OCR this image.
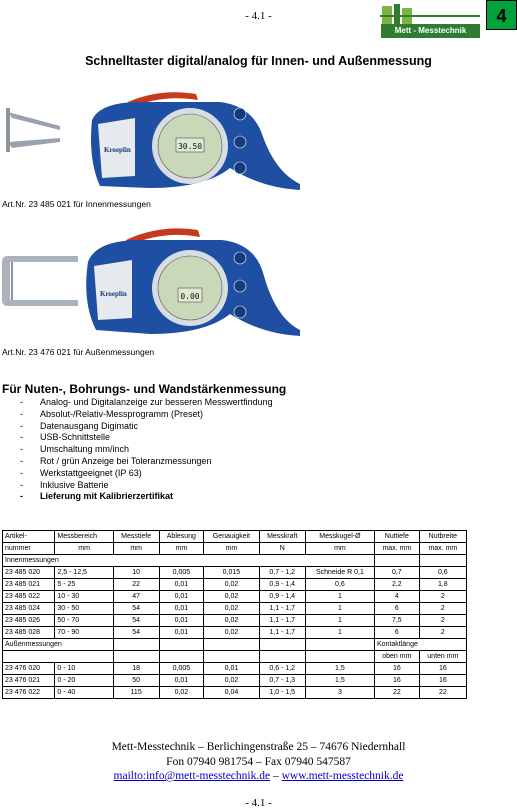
- 4.1 -
Mett - Messtechnik
4
Schnelltaster digital/analog für Innen- und Außenmessung
Kroeplin	30.50
Art.Nr. 23 485 021 für Innenmessungen
Kroeplin	0.00
Art.Nr. 23 476 021 für Außenmessungen
Für Nuten-, Bohrungs- und Wandstärkenmessung
- Analog- und Digitalanzeige zur besseren Messwertfindung
- Absolut-/Relativ-Messprogramm (Preset)
- Datenausgang Digimatic
- USB-Schnittstelle
- Umschaltung mm/inch
- Rot / grün Anzeige bei Toleranzmessungen
- Werkstattgeeignet (IP 63)
- Inklusive Batterie
- Lieferung mit Kalibrierzertifikat
Artikel-	Messbereich	Messtiefe	Ablesung	Genauigkeit	Messkraft	Messkugel-Ø	Nuttiefe	Nutbreite
nummer	mm	mm	mm	mm	N	mm	max. mm	max. mm
Innenmessungen								
23 485 020	2,5 - 12,5	10	0,005	0,015	0,7 - 1,2	Schneide R 0,1	0,7	0,6
23 485 021	5 - 25	22	0,01	0,02	0,9 - 1,4	0,6	2,2	1,8
23 485 022	10 - 30	47	0,01	0,02	0,9 - 1,4	1	4	2
23 485 024	30 - 50	54	0,01	0,02	1,1 - 1,7	1	6	2
23 485 026	50 - 70	54	0,01	0,02	1,1 - 1,7	1	7,5	2
23 485 028	70 - 90	54	0,01	0,02	1,1 - 1,7	1	6	2
Außenmessungen							Kontaktlänge	
							oben mm	unten mm
23 476 020	0 - 10	18	0,005	0,01	0,6 - 1,2	1,5	16	16
23 476 021	0 - 20	50	0,01	0,02	0,7 - 1,3	1,5	16	16
23 476 022	0 - 40	115	0,02	0,04	1,0 - 1,5	3	22	22
Mett-Messtechnik – Berlichingenstraße 25 – 74676 Niedernhall
Fon 07940 981754 – Fax 07940 547587
mailto:info@mett-messtechnik.de – www.mett-messtechnik.de
- 4.1 -
